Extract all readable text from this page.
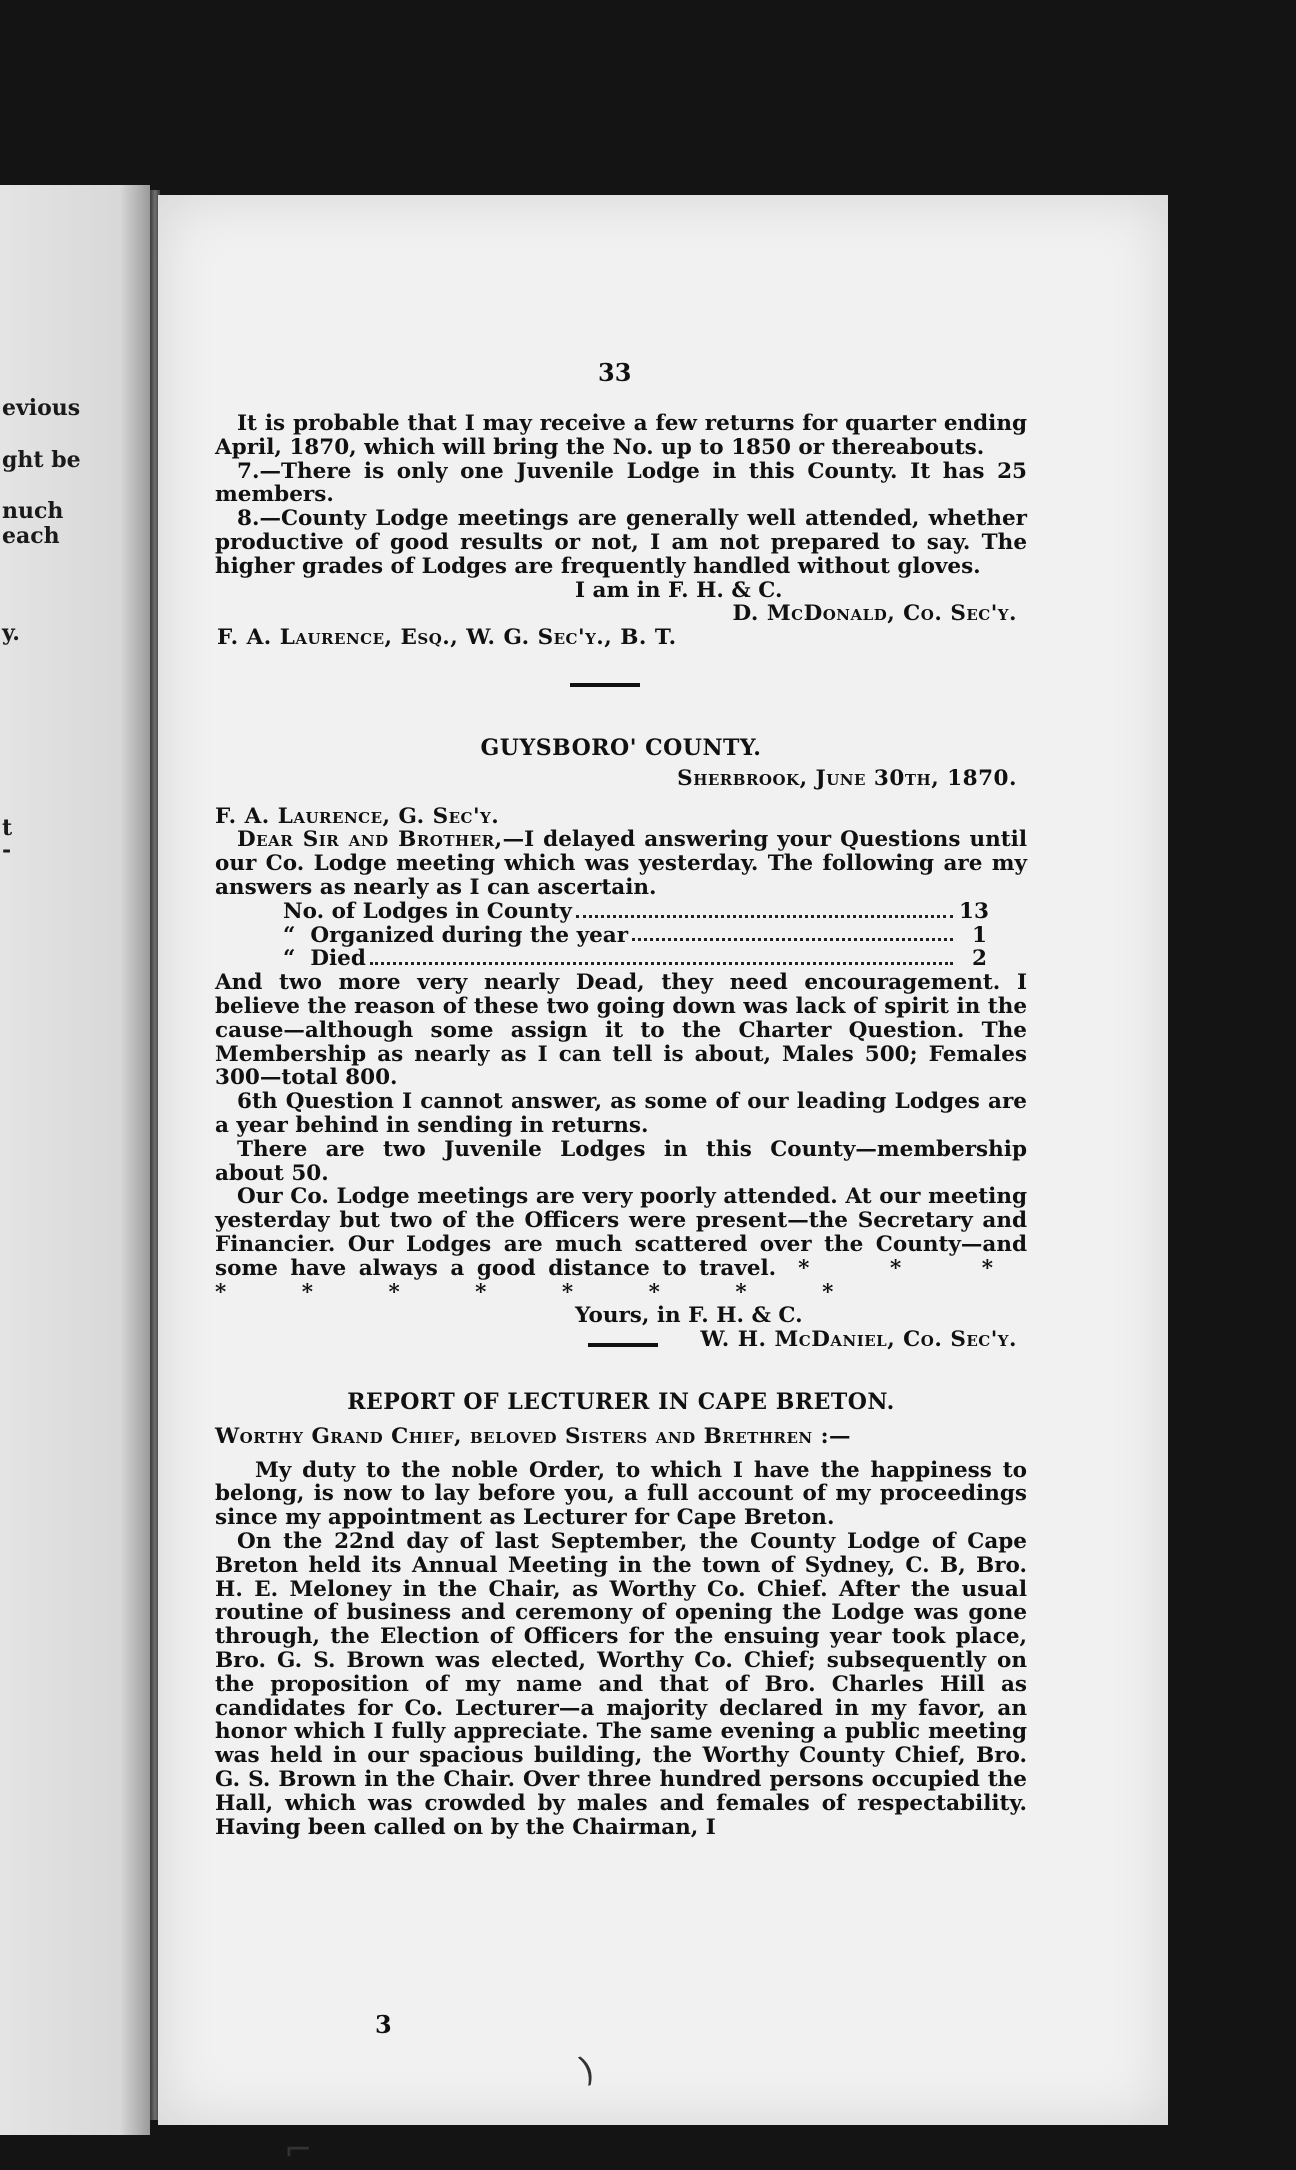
evious
ght be
nuch
each
y.
t
-
33

It is probable that I may receive a few returns for quarter ending April, 1870, which will bring the No. up to 1850 or thereabouts.

7.—There is only one Juvenile Lodge in this County. It has 25 members.

8.—County Lodge meetings are generally well attended, whether productive of good results or not, I am not prepared to say. The higher grades of Lodges are frequently handled without gloves.

I am in F. H. & C.

D. McDonald, Co. Sec'y.

F. A. Laurence, Esq., W. G. Sec'y., B. T.

GUYSBORO' COUNTY.

Sherbrook, June 30th, 1870.

F. A. Laurence, G. Sec'y.

Dear Sir and Brother,—I delayed answering your Questions until our Co. Lodge meeting which was yesterday. The following are my answers as nearly as I can ascertain.

No. of Lodges in County	13
“  Organized during the year	1
“  Died	2

And two more very nearly Dead, they need encouragement. I believe the reason of these two going down was lack of spirit in the cause—although some assign it to the Charter Question. The Membership as nearly as I can tell is about, Males 500; Females 300—total 800.

6th Question I cannot answer, as some of our leading Lodges are a year behind in sending in returns.

There are two Juvenile Lodges in this County—membership about 50.

Our Co. Lodge meetings are very poorly attended. At our meeting yesterday but two of the Officers were present—the Secretary and Financier. Our Lodges are much scattered over the County—and some have always a good distance to travel. * * * * * * * * * * *

Yours, in F. H. & C.

W. H. McDaniel, Co. Sec'y.

REPORT OF LECTURER IN CAPE BRETON.

Worthy Grand Chief, beloved Sisters and Brethren :—

My duty to the noble Order, to which I have the happiness to belong, is now to lay before you, a full account of my proceedings since my appointment as Lecturer for Cape Breton.

On the 22nd day of last September, the County Lodge of Cape Breton held its Annual Meeting in the town of Sydney, C. B, Bro. H. E. Meloney in the Chair, as Worthy Co. Chief. After the usual routine of business and ceremony of opening the Lodge was gone through, the Election of Officers for the ensuing year took place, Bro. G. S. Brown was elected, Worthy Co. Chief; subsequently on the proposition of my name and that of Bro. Charles Hill as candidates for Co. Lecturer—a majority declared in my favor, an honor which I fully appreciate. The same evening a public meeting was held in our spacious building, the Worthy County Chief, Bro. G. S. Brown in the Chair. Over three hundred persons occupied the Hall, which was crowded by males and females of respectability. Having been called on by the Chairman, I

3
)
⌐
